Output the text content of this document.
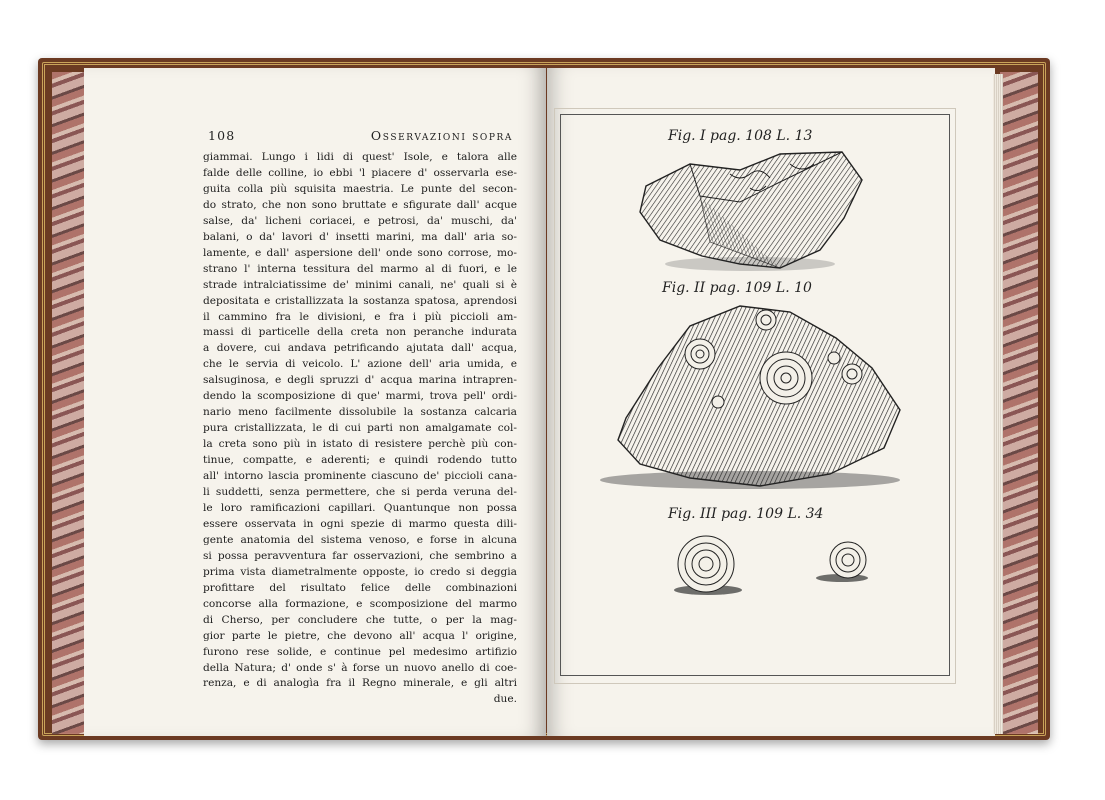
108	Osservazioni sopra
giammai. Lungo i lidi di quest' Isole, e talora alle
falde delle colline, io ebbi 'l piacere d' osservarla ese-
guita colla più squisita maestria. Le punte del secon-
do strato, che non sono bruttate e sfigurate dall' acque
salse, da' licheni coriacei, e petrosi, da' muschi, da'
balani, o da' lavori d' insetti marini, ma dall' aria so-
lamente, e dall' aspersione dell' onde sono corrose, mo-
strano l' interna tessitura del marmo al di fuori, e le
strade intralciatissime de' minimi canali, ne' quali si è
depositata e cristallizzata la sostanza spatosa, aprendosi
il cammino fra le divisioni, e fra i più piccioli am-
massi di particelle della creta non peranche indurata
a dovere, cui andava petrificando ajutata dall' acqua,
che le servia di veicolo. L' azione dell' aria umida, e
salsuginosa, e degli spruzzi d' acqua marina intrapren-
dendo la scomposizione di que' marmi, trova pell' ordi-
nario meno facilmente dissolubile la sostanza calcaria
pura cristallizzata, le di cui parti non amalgamate col-
la creta sono più in istato di resistere perchè più con-
tinue, compatte, e aderenti; e quindi rodendo tutto
all' intorno lascia prominente ciascuno de' piccioli cana-
li suddetti, senza permettere, che si perda veruna del-
le loro ramificazioni capillari. Quantunque non possa
essere osservata in ogni spezie di marmo questa dili-
gente anatomia del sistema venoso, e forse in alcuna
si possa peravventura far osservazioni, che sembrino a
prima vista diametralmente opposte, io credo si deggia
profittare del risultato felice delle combinazioni
concorse alla formazione, e scomposizione del marmo
di Cherso, per concludere che tutte, o per la mag-
gior parte le pietre, che devono all' acqua l' origine,
furono rese solide, e continue pel medesimo artifizio
della Natura; d' onde s' à forse un nuovo anello di coe-
renza, e di analogìa fra il Regno minerale, e gli altri
due.
Fig. I pag. 108 L. 13
Fig. II pag. 109 L. 10
Fig. III pag. 109 L. 34
